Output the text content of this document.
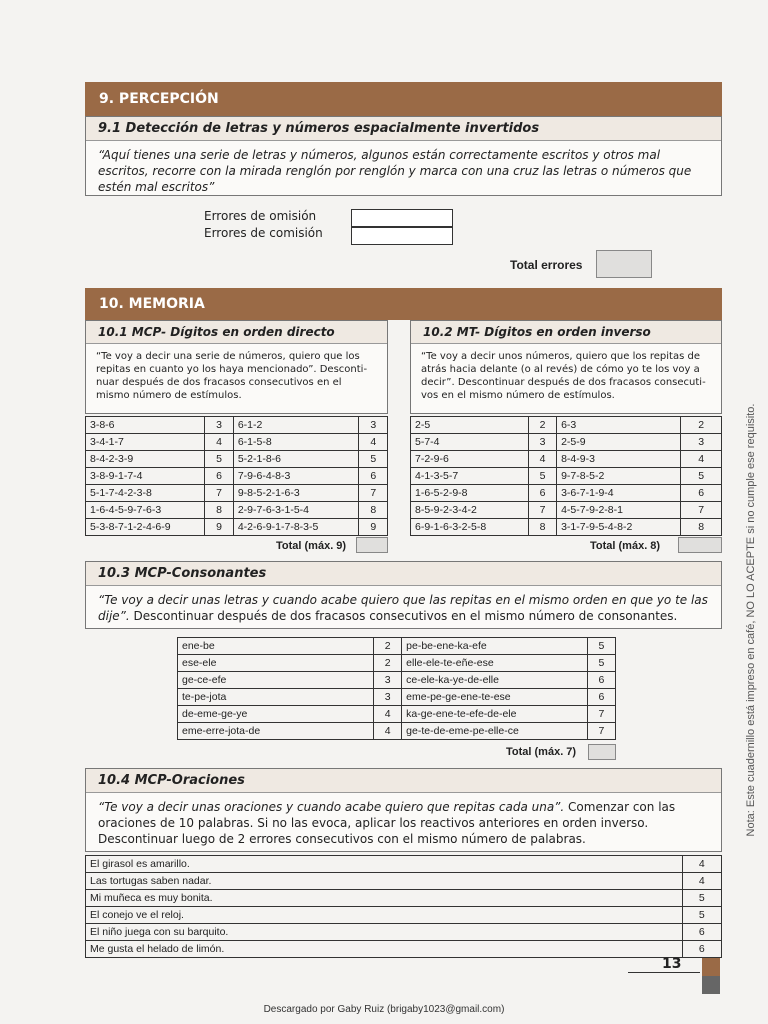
9. PERCEPCIÓN
9.1 Detección de letras y números espacialmente invertidos
“Aquí tienes una serie de letras y números, algunos están correctamente escritos y otros mal escritos, recorre con la mirada renglón por renglón y marca con una cruz las letras o números que estén mal escritos”
Errores de omisión
Errores de comisión
Total errores
10. MEMORIA
10.1 MCP- Dígitos en orden directo
“Te voy a decir una serie de números, quiero que los repitas en cuanto yo los haya mencionado”. Desconti-nuar después de dos fracasos consecutivos en el mismo número de estímulos.
3-8-6	3	6-1-2	3
3-4-1-7	4	6-1-5-8	4
8-4-2-3-9	5	5-2-1-8-6	5
3-8-9-1-7-4	6	7-9-6-4-8-3	6
5-1-7-4-2-3-8	7	9-8-5-2-1-6-3	7
1-6-4-5-9-7-6-3	8	2-9-7-6-3-1-5-4	8
5-3-8-7-1-2-4-6-9	9	4-2-6-9-1-7-8-3-5	9
Total (máx. 9)
10.2 MT- Dígitos en orden inverso
“Te voy a decir unos números, quiero que los repitas de atrás hacia delante (o al revés) de cómo yo te los voy a decir”. Descontinuar después de dos fracasos consecuti-vos en el mismo número de estímulos.
2-5	2	6-3	2
5-7-4	3	2-5-9	3
7-2-9-6	4	8-4-9-3	4
4-1-3-5-7	5	9-7-8-5-2	5
1-6-5-2-9-8	6	3-6-7-1-9-4	6
8-5-9-2-3-4-2	7	4-5-7-9-2-8-1	7
6-9-1-6-3-2-5-8	8	3-1-7-9-5-4-8-2	8
Total (máx. 8)
10.3 MCP-Consonantes
“Te voy a decir unas letras y cuando acabe quiero que las repitas en el mismo orden en que yo te las dije”. Descontinuar después de dos fracasos consecutivos en el mismo número de consonantes.
ene-be	2	pe-be-ene-ka-efe	5
ese-ele	2	elle-ele-te-eñe-ese	5
ge-ce-efe	3	ce-ele-ka-ye-de-elle	6
te-pe-jota	3	eme-pe-ge-ene-te-ese	6
de-eme-ge-ye	4	ka-ge-ene-te-efe-de-ele	7
eme-erre-jota-de	4	ge-te-de-eme-pe-elle-ce	7
Total (máx. 7)
10.4 MCP-Oraciones
“Te voy a decir unas oraciones y cuando acabe quiero que repitas cada una”. Comenzar con las oraciones de 10 palabras. Si no las evoca, aplicar los reactivos anteriores en orden inverso. Descontinuar luego de 2 errores consecutivos con el mismo número de palabras.
El girasol es amarillo.	4
Las tortugas saben nadar.	4
Mi muñeca es muy bonita.	5
El conejo ve el reloj.	5
El niño juega con su barquito.	6
Me gusta el helado de limón.	6
13
Descargado por Gaby Ruiz (brigaby1023@gmail.com)
Nota: Este cuadernillo está impreso en café, NO LO ACEPTE si no cumple ese requisito.
